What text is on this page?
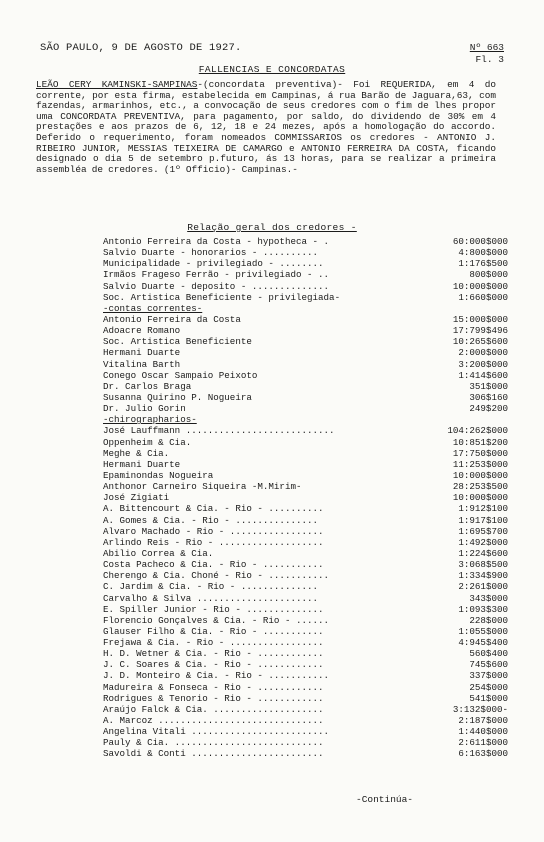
SÃO PAULO, 9 DE AGOSTO DE 1927.	Nº 663
Fl. 3
FALLENCIAS E CONCORDATAS
LEÃO CERY KAMINSKI-SAMPINAS-(concordata preventiva)- Foi REQUERIDA, em 4 do corrente, por esta firma, estabelecida em Campinas, á rua Barão de Jaguara,63, com fazendas, armarinhos, etc., a convocação de seus credores com o fim de lhes propor uma CONCORDATA PREVENTIVA, para pagamento, por saldo, do dividendo de 30% em 4 prestações e aos prazos de 6, 12, 18 e 24 mezes, após a homologação do accordo. Deferido o requerimento, foram nomeados COMMISSARIOS os credores - ANTONIO J. RIBEIRO JUNIOR, MESSIAS TEIXEIRA DE CAMARGO e ANTONIO FERREIRA DA COSTA, ficando designado o dia 5 de setembro p.futuro, ás 13 horas, para se realizar a primeira assembléa de credores. (1º Officio)- Campinas.-
Relação geral dos credores -
Antonio Ferreira da Costa - hypotheca - .	60:000$000
Salvio Duarte - honorarios - ..........	4:800$000
Municipalidade - privilegiado - ........	1:176$500
Irmãos Frageso Ferrão - privilegiado - ..	800$000
Salvio Duarte - deposito - ..............	10:000$000
Soc. Artistica Beneficiente - privilegiada-	1:660$000
-contas correntes-
Antonio Ferreira da Costa	15:000$000
Adoacre Romano	17:799$496
Soc. Artistica Beneficiente	10:265$600
Hermani Duarte	2:000$000
Vitalina Barth	3:200$000
Conego Oscar Sampaio Peixoto	1:414$600
Dr. Carlos Braga	351$000
Susanna Quirino P. Nogueira	306$160
Dr. Julio Gorin	249$200
-chirographarios-
José Lauffmann ...........................	104:262$000
Oppenheim & Cia.	10:851$200
Meghe & Cia.	17:750$000
Hermani Duarte	11:253$000
Epaminondas Nogueira	10:000$000
Anthonor Carneiro Siqueira -M.Mirim-	28:253$500
José Zigiati	10:000$000
A. Bittencourt & Cia. - Rio - ..........	1:912$100
A. Gomes & Cia. - Rio - ...............	1:917$100
Alvaro Machado - Rio - .................	1:695$700
Arlindo Reis - Rio - ...................	1:492$000
Abilio Correa & Cia.	1:224$600
Costa Pacheco & Cia. - Rio - ...........	3:068$500
Cherengo & Cia. Choné - Rio - ...........	1:334$900
C. Jardim & Cia. - Rio - ..............	2:261$000
Carvalho & Silva ......................	343$000
E. Spiller Junior - Rio - ..............	1:093$300
Florencio Gonçalves & Cia. - Rio - ......	228$000
Glauser Filho & Cia. - Rio - ...........	1:055$000
Frejawa & Cia. - Rio - .................	4:945$400
H. D. Wetner & Cia. - Rio - ............	560$400
J. C. Soares & Cia. - Rio - ............	745$600
J. D. Monteiro & Cia. - Rio - ...........	337$000
Madureira & Fonseca - Rio - ............	254$000
Rodrigues & Tenorio - Rio - ............	541$000
Araújo Falck & Cia. ....................	3:132$000-
A. Marcoz ..............................	2:187$000
Angelina Vitali .........................	1:440$000
Pauly & Cia. ...........................	2:611$000
Savoldi & Conti ........................	6:163$000
-Continúa-
